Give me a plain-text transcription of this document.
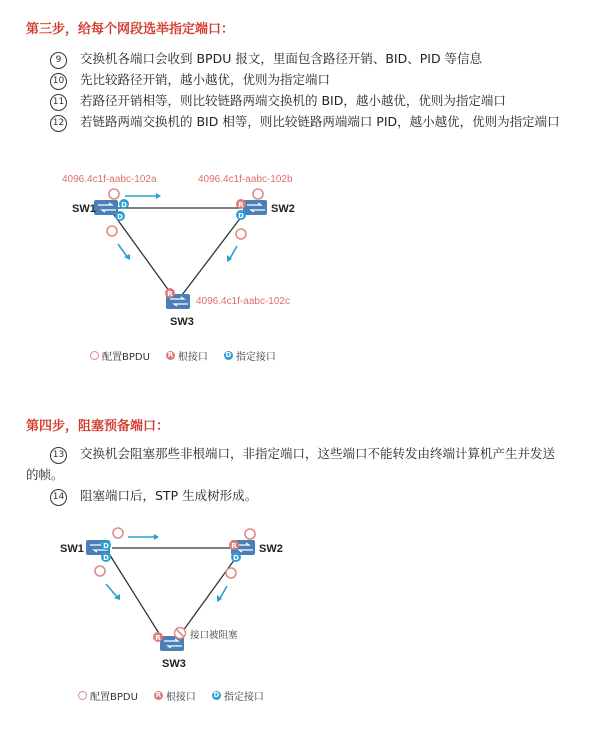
第三步，给每个网段选举指定端口：
9 交换机各端口会收到 BPDU 报文，里面包含路径开销、BID、PID 等信息
10 先比较路径开销，越小越优，优则为指定端口
11 若路径开销相等，则比较链路两端交换机的 BID，越小越优，优则为指定端口
12 若链路两端交换机的 BID 相等，则比较链路两端端口 PID，越小越优，优则为指定端口
4096.4c1f-aabc-102a	4096.4c1f-aabc-102b
4096.4c1f-aabc-102c
SW1	D
D
SW2
R
D
SW3
R
配置BPDU	R 根接口	D 指定接口
第四步，阻塞预备端口：
13 交换机会阻塞那些非根端口，非指定端口，这些端口不能转发由终端计算机产生并发送的帧。
14 阻塞端口后，STP 生成树形成。
SW1	D
D
SW2
R
D
SW3
R	接口被阻塞
配置BPDU	R 根接口	D 指定接口
